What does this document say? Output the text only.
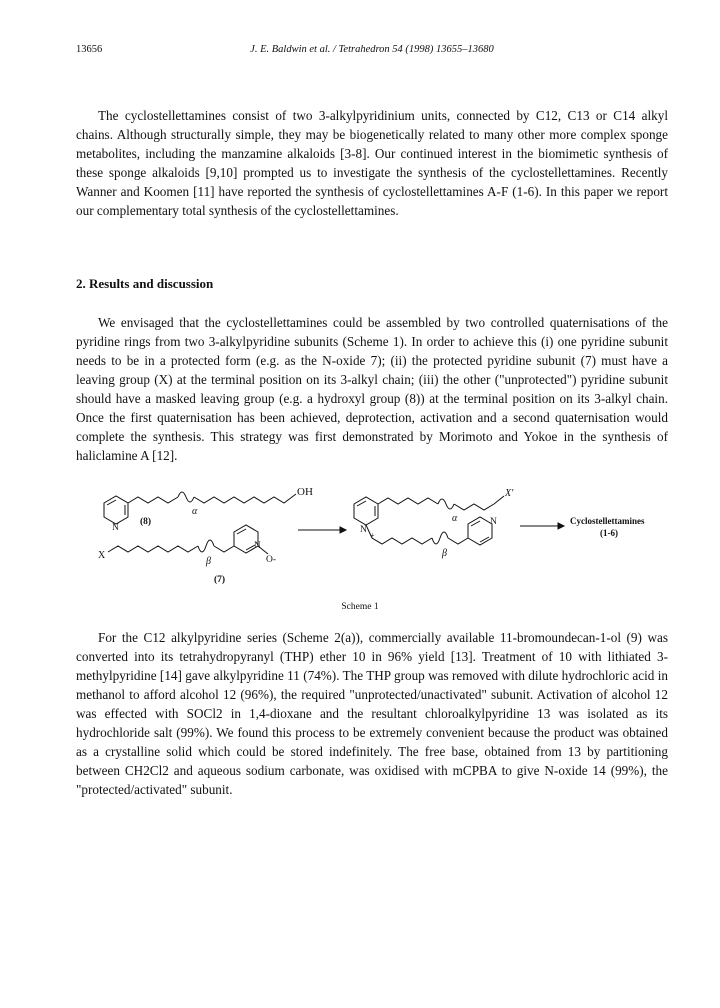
13656	J. E. Baldwin et al. / Tetrahedron 54 (1998) 13655–13680

The cyclostellettamines consist of two 3-alkylpyridinium units, connected by C12, C13 or C14 alkyl chains. Although structurally simple, they may be biogenetically related to many other more complex sponge metabolites, including the manzamine alkaloids [3-8]. Our continued interest in the biomimetic synthesis of these sponge alkaloids [9,10] prompted us to investigate the synthesis of the cyclostellettamines. Recently Wanner and Koomen [11] have reported the synthesis of cyclostellettamines A-F (1-6). In this paper we report our complementary total synthesis of the cyclostellettamines.

2. Results and discussion

We envisaged that the cyclostellettamines could be assembled by two controlled quaternisations of the pyridine rings from two 3-alkylpyridine subunits (Scheme 1). In order to achieve this (i) one pyridine subunit needs to be in a protected form (e.g. as the N-oxide 7); (ii) the protected pyridine subunit (7) must have a leaving group (X) at the terminal position on its 3-alkyl chain; (iii) the other ("unprotected") pyridine subunit should have a masked leaving group (e.g. a hydroxyl group (8)) at the terminal position on its 3-alkyl chain. Once the first quaternisation has been achieved, deprotection, activation and a second quaternisation would complete the synthesis. This strategy was first demonstrated by Morimoto and Yokoe in the synthesis of haliclamine A [12].

OH
α
N
(8)
X
N
O-
β
(7)
X'
α
N
+
N
β
Cyclostellettamines
(1-6)
Scheme 1

For the C12 alkylpyridine series (Scheme 2(a)), commercially available 11-bromoundecan-1-ol (9) was converted into its tetrahydropyranyl (THP) ether 10 in 96% yield [13]. Treatment of 10 with lithiated 3-methylpyridine [14] gave alkylpyridine 11 (74%). The THP group was removed with dilute hydrochloric acid in methanol to afford alcohol 12 (96%), the required "unprotected/unactivated" subunit. Activation of alcohol 12 was effected with SOCl2 in 1,4-dioxane and the resultant chloroalkylpyridine 13 was isolated as its hydrochloride salt (99%). We found this process to be extremely convenient because the product was obtained as a crystalline solid which could be stored indefinitely. The free base, obtained from 13 by partitioning between CH2Cl2 and aqueous sodium carbonate, was oxidised with mCPBA to give N-oxide 14 (99%), the "protected/activated" subunit.
